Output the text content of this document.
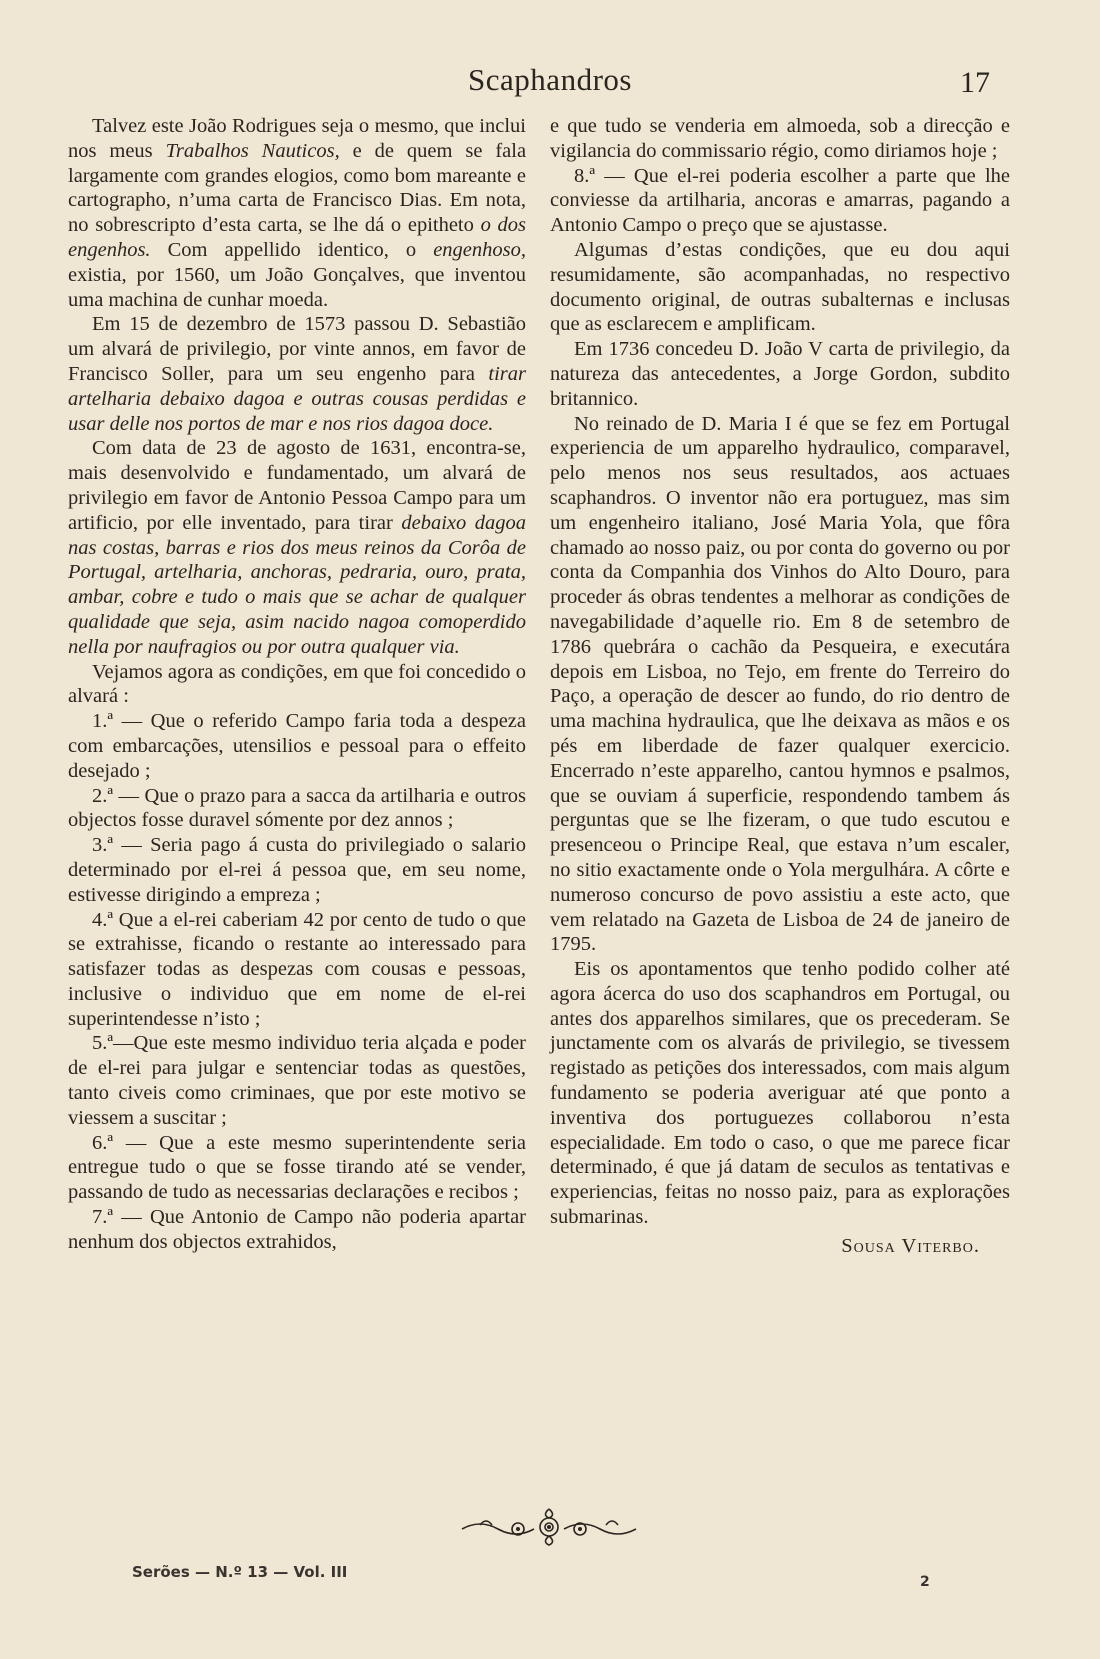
Scaphandros	17

Talvez este João Rodrigues seja o mesmo, que inclui nos meus Trabalhos Nauticos, e de quem se fala largamente com grandes elogios, como bom mareante e cartographo, n’uma carta de Francisco Dias. Em nota, no sobrescripto d’esta carta, se lhe dá o epitheto o dos engenhos. Com appellido identico, o engenhoso, existia, por 1560, um João Gonçalves, que inventou uma machina de cunhar moeda.

Em 15 de dezembro de 1573 passou D. Sebastião um alvará de privilegio, por vinte annos, em favor de Francisco Soller, para um seu engenho para tirar artelharia debaixo dagoa e outras cousas perdidas e usar delle nos portos de mar e nos rios dagoa doce.

Com data de 23 de agosto de 1631, encontra-se, mais desenvolvido e fundamentado, um alvará de privilegio em favor de Antonio Pessoa Campo para um artificio, por elle inventado, para tirar debaixo dagoa nas costas, barras e rios dos meus reinos da Corôa de Portugal, artelharia, anchoras, pedraria, ouro, prata, ambar, cobre e tudo o mais que se achar de qualquer qualidade que seja, asim nacido nagoa comoperdido nella por naufragios ou por outra qualquer via.

Vejamos agora as condições, em que foi concedido o alvará :

1.ª — Que o referido Campo faria toda a despeza com embarcações, utensilios e pessoal para o effeito desejado ;

2.ª — Que o prazo para a sacca da artilharia e outros objectos fosse duravel sómente por dez annos ;

3.ª — Seria pago á custa do privilegiado o salario determinado por el-rei á pessoa que, em seu nome, estivesse dirigindo a empreza ;

4.ª Que a el-rei caberiam 42 por cento de tudo o que se extrahisse, ficando o restante ao interessado para satisfazer todas as despezas com cousas e pessoas, inclusive o individuo que em nome de el-rei superintendesse n’isto ;

5.ª—Que este mesmo individuo teria alçada e poder de el-rei para julgar e sentenciar todas as questões, tanto civeis como criminaes, que por este motivo se viessem a suscitar ;

6.ª — Que a este mesmo superintendente seria entregue tudo o que se fosse tirando até se vender, passando de tudo as necessarias declarações e recibos ;

7.ª — Que Antonio de Campo não poderia apartar nenhum dos objectos extrahidos,

e que tudo se venderia em almoeda, sob a direcção e vigilancia do commissario régio, como diriamos hoje ;

8.ª — Que el-rei poderia escolher a parte que lhe conviesse da artilharia, ancoras e amarras, pagando a Antonio Campo o preço que se ajustasse.

Algumas d’estas condições, que eu dou aqui resumidamente, são acompanhadas, no respectivo documento original, de outras subalternas e inclusas que as esclarecem e amplificam.

Em 1736 concedeu D. João V carta de privilegio, da natureza das antecedentes, a Jorge Gordon, subdito britannico.

No reinado de D. Maria I é que se fez em Portugal experiencia de um apparelho hydraulico, comparavel, pelo menos nos seus resultados, aos actuaes scaphandros. O inventor não era portuguez, mas sim um engenheiro italiano, José Maria Yola, que fôra chamado ao nosso paiz, ou por conta do governo ou por conta da Companhia dos Vinhos do Alto Douro, para proceder ás obras tendentes a melhorar as condições de navegabilidade d’aquelle rio. Em 8 de setembro de 1786 quebrára o cachão da Pesqueira, e executára depois em Lisboa, no Tejo, em frente do Terreiro do Paço, a operação de descer ao fundo, do rio dentro de uma machina hydraulica, que lhe deixava as mãos e os pés em liberdade de fazer qualquer exercicio. Encerrado n’este apparelho, cantou hymnos e psalmos, que se ouviam á superficie, respondendo tambem ás perguntas que se lhe fizeram, o que tudo escutou e presenceou o Principe Real, que estava n’um escaler, no sitio exactamente onde o Yola mergulhára. A côrte e numeroso concurso de povo assistiu a este acto, que vem relatado na Gazeta de Lisboa de 24 de janeiro de 1795.

Eis os apontamentos que tenho podido colher até agora ácerca do uso dos scaphandros em Portugal, ou antes dos apparelhos similares, que os precederam. Se junctamente com os alvarás de privilegio, se tivessem registado as petições dos interessados, com mais algum fundamento se poderia averiguar até que ponto a inventiva dos portuguezes collaborou n’esta especialidade. Em todo o caso, o que me parece ficar determinado, é que já datam de seculos as tentativas e experiencias, feitas no nosso paiz, para as explorações submarinas.

Sousa Viterbo.
Serões — N.º 13 — Vol. III
2
